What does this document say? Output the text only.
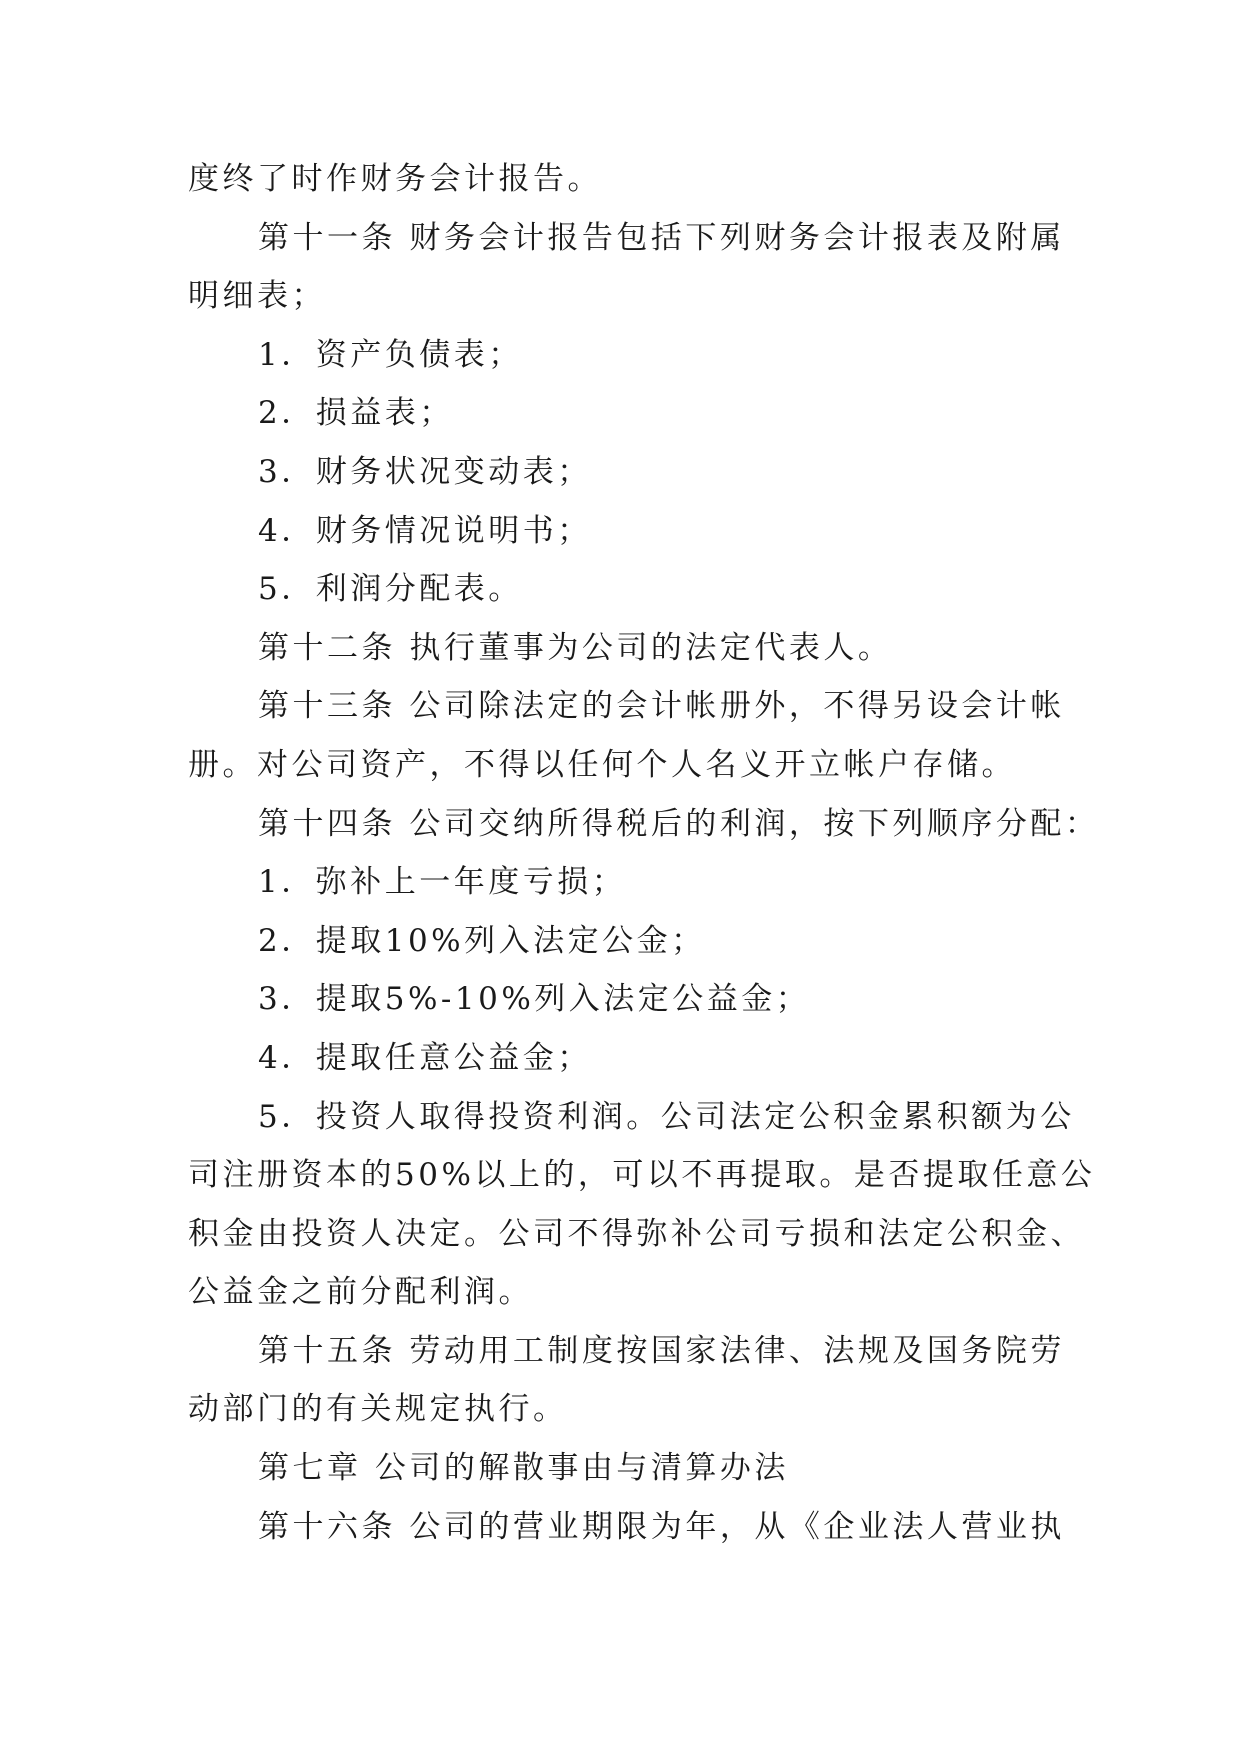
度终了时作财务会计报告。
第十一条 财务会计报告包括下列财务会计报表及附属
明细表；
1．资产负债表；
2．损益表；
3．财务状况变动表；
4．财务情况说明书；
5．利润分配表。
第十二条 执行董事为公司的法定代表人。
第十三条 公司除法定的会计帐册外，不得另设会计帐
册。对公司资产，不得以任何个人名义开立帐户存储。
第十四条 公司交纳所得税后的利润，按下列顺序分配：
1．弥补上一年度亏损；
2．提取10%列入法定公金；
3．提取5%-10%列入法定公益金；
4．提取任意公益金；
5．投资人取得投资利润。公司法定公积金累积额为公
司注册资本的50%以上的，可以不再提取。是否提取任意公
积金由投资人决定。公司不得弥补公司亏损和法定公积金、
公益金之前分配利润。
第十五条 劳动用工制度按国家法律、法规及国务院劳
动部门的有关规定执行。
第七章 公司的解散事由与清算办法
第十六条 公司的营业期限为年，从《企业法人营业执
